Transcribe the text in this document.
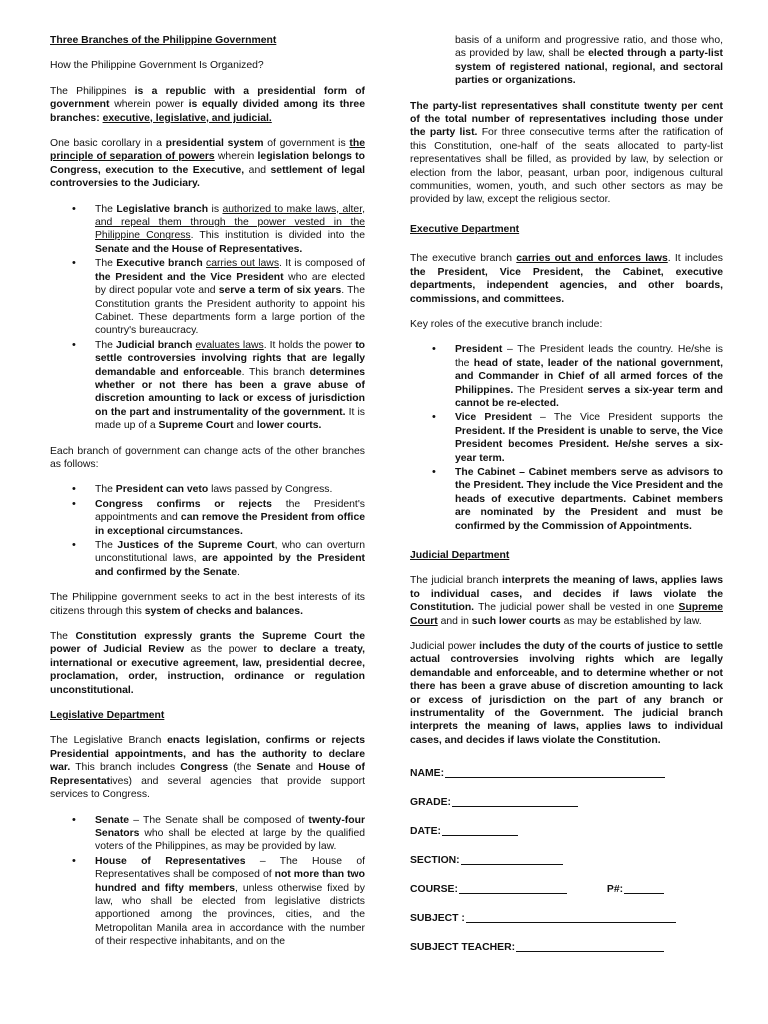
Three Branches of the Philippine Government

How the Philippine Government Is Organized?

The Philippines is a republic with a presidential form of government wherein power is equally divided among its three branches: executive, legislative, and judicial.

One basic corollary in a presidential system of government is the principle of separation of powers wherein legislation belongs to Congress, execution to the Executive, and settlement of legal controversies to the Judiciary.

• The Legislative branch is authorized to make laws, alter, and repeal them through the power vested in the Philippine Congress. This institution is divided into the Senate and the House of Representatives.
• The Executive branch carries out laws. It is composed of the President and the Vice President who are elected by direct popular vote and serve a term of six years. The Constitution grants the President authority to appoint his Cabinet. These departments form a large portion of the country's bureaucracy.
• The Judicial branch evaluates laws. It holds the power to settle controversies involving rights that are legally demandable and enforceable. This branch determines whether or not there has been a grave abuse of discretion amounting to lack or excess of jurisdiction on the part and instrumentality of the government. It is made up of a Supreme Court and lower courts.

Each branch of government can change acts of the other branches as follows:

• The President can veto laws passed by Congress.
• Congress confirms or rejects the President's appointments and can remove the President from office in exceptional circumstances.
• The Justices of the Supreme Court, who can overturn unconstitutional laws, are appointed by the President and confirmed by the Senate.

The Philippine government seeks to act in the best interests of its citizens through this system of checks and balances.

The Constitution expressly grants the Supreme Court the power of Judicial Review as the power to declare a treaty, international or executive agreement, law, presidential decree, proclamation, order, instruction, ordinance or regulation unconstitutional.

Legislative Department

The Legislative Branch enacts legislation, confirms or rejects Presidential appointments, and has the authority to declare war. This branch includes Congress (the Senate and House of Representatives) and several agencies that provide support services to Congress.

• Senate – The Senate shall be composed of twenty-four Senators who shall be elected at large by the qualified voters of the Philippines, as may be provided by law.
• House of Representatives – The House of Representatives shall be composed of not more than two hundred and fifty members, unless otherwise fixed by law, who shall be elected from legislative districts apportioned among the provinces, cities, and the Metropolitan Manila area in accordance with the number of their respective inhabitants, and on the

basis of a uniform and progressive ratio, and those who, as provided by law, shall be elected through a party-list system of registered national, regional, and sectoral parties or organizations.

The party-list representatives shall constitute twenty per cent of the total number of representatives including those under the party list. For three consecutive terms after the ratification of this Constitution, one-half of the seats allocated to party-list representatives shall be filled, as provided by law, by selection or election from the labor, peasant, urban poor, indigenous cultural communities, women, youth, and such other sectors as may be provided by law, except the religious sector.

Executive Department

The executive branch carries out and enforces laws. It includes the President, Vice President, the Cabinet, executive departments, independent agencies, and other boards, commissions, and committees.

Key roles of the executive branch include:

• President – The President leads the country. He/she is the head of state, leader of the national government, and Commander in Chief of all armed forces of the Philippines. The President serves a six-year term and cannot be re-elected.
• Vice President – The Vice President supports the President. If the President is unable to serve, the Vice President becomes President. He/she serves a six-year term.
• The Cabinet – Cabinet members serve as advisors to the President. They include the Vice President and the heads of executive departments. Cabinet members are nominated by the President and must be confirmed by the Commission of Appointments.

Judicial Department

The judicial branch interprets the meaning of laws, applies laws to individual cases, and decides if laws violate the Constitution. The judicial power shall be vested in one Supreme Court and in such lower courts as may be established by law.

Judicial power includes the duty of the courts of justice to settle actual controversies involving rights which are legally demandable and enforceable, and to determine whether or not there has been a grave abuse of discretion amounting to lack or excess of jurisdiction on the part of any branch or instrumentality of the Government. The judicial branch interprets the meaning of laws, applies laws to individual cases, and decides if laws violate the Constitution.

NAME:
GRADE:
DATE:
SECTION:
COURSE:	P#:
SUBJECT :
SUBJECT TEACHER:
